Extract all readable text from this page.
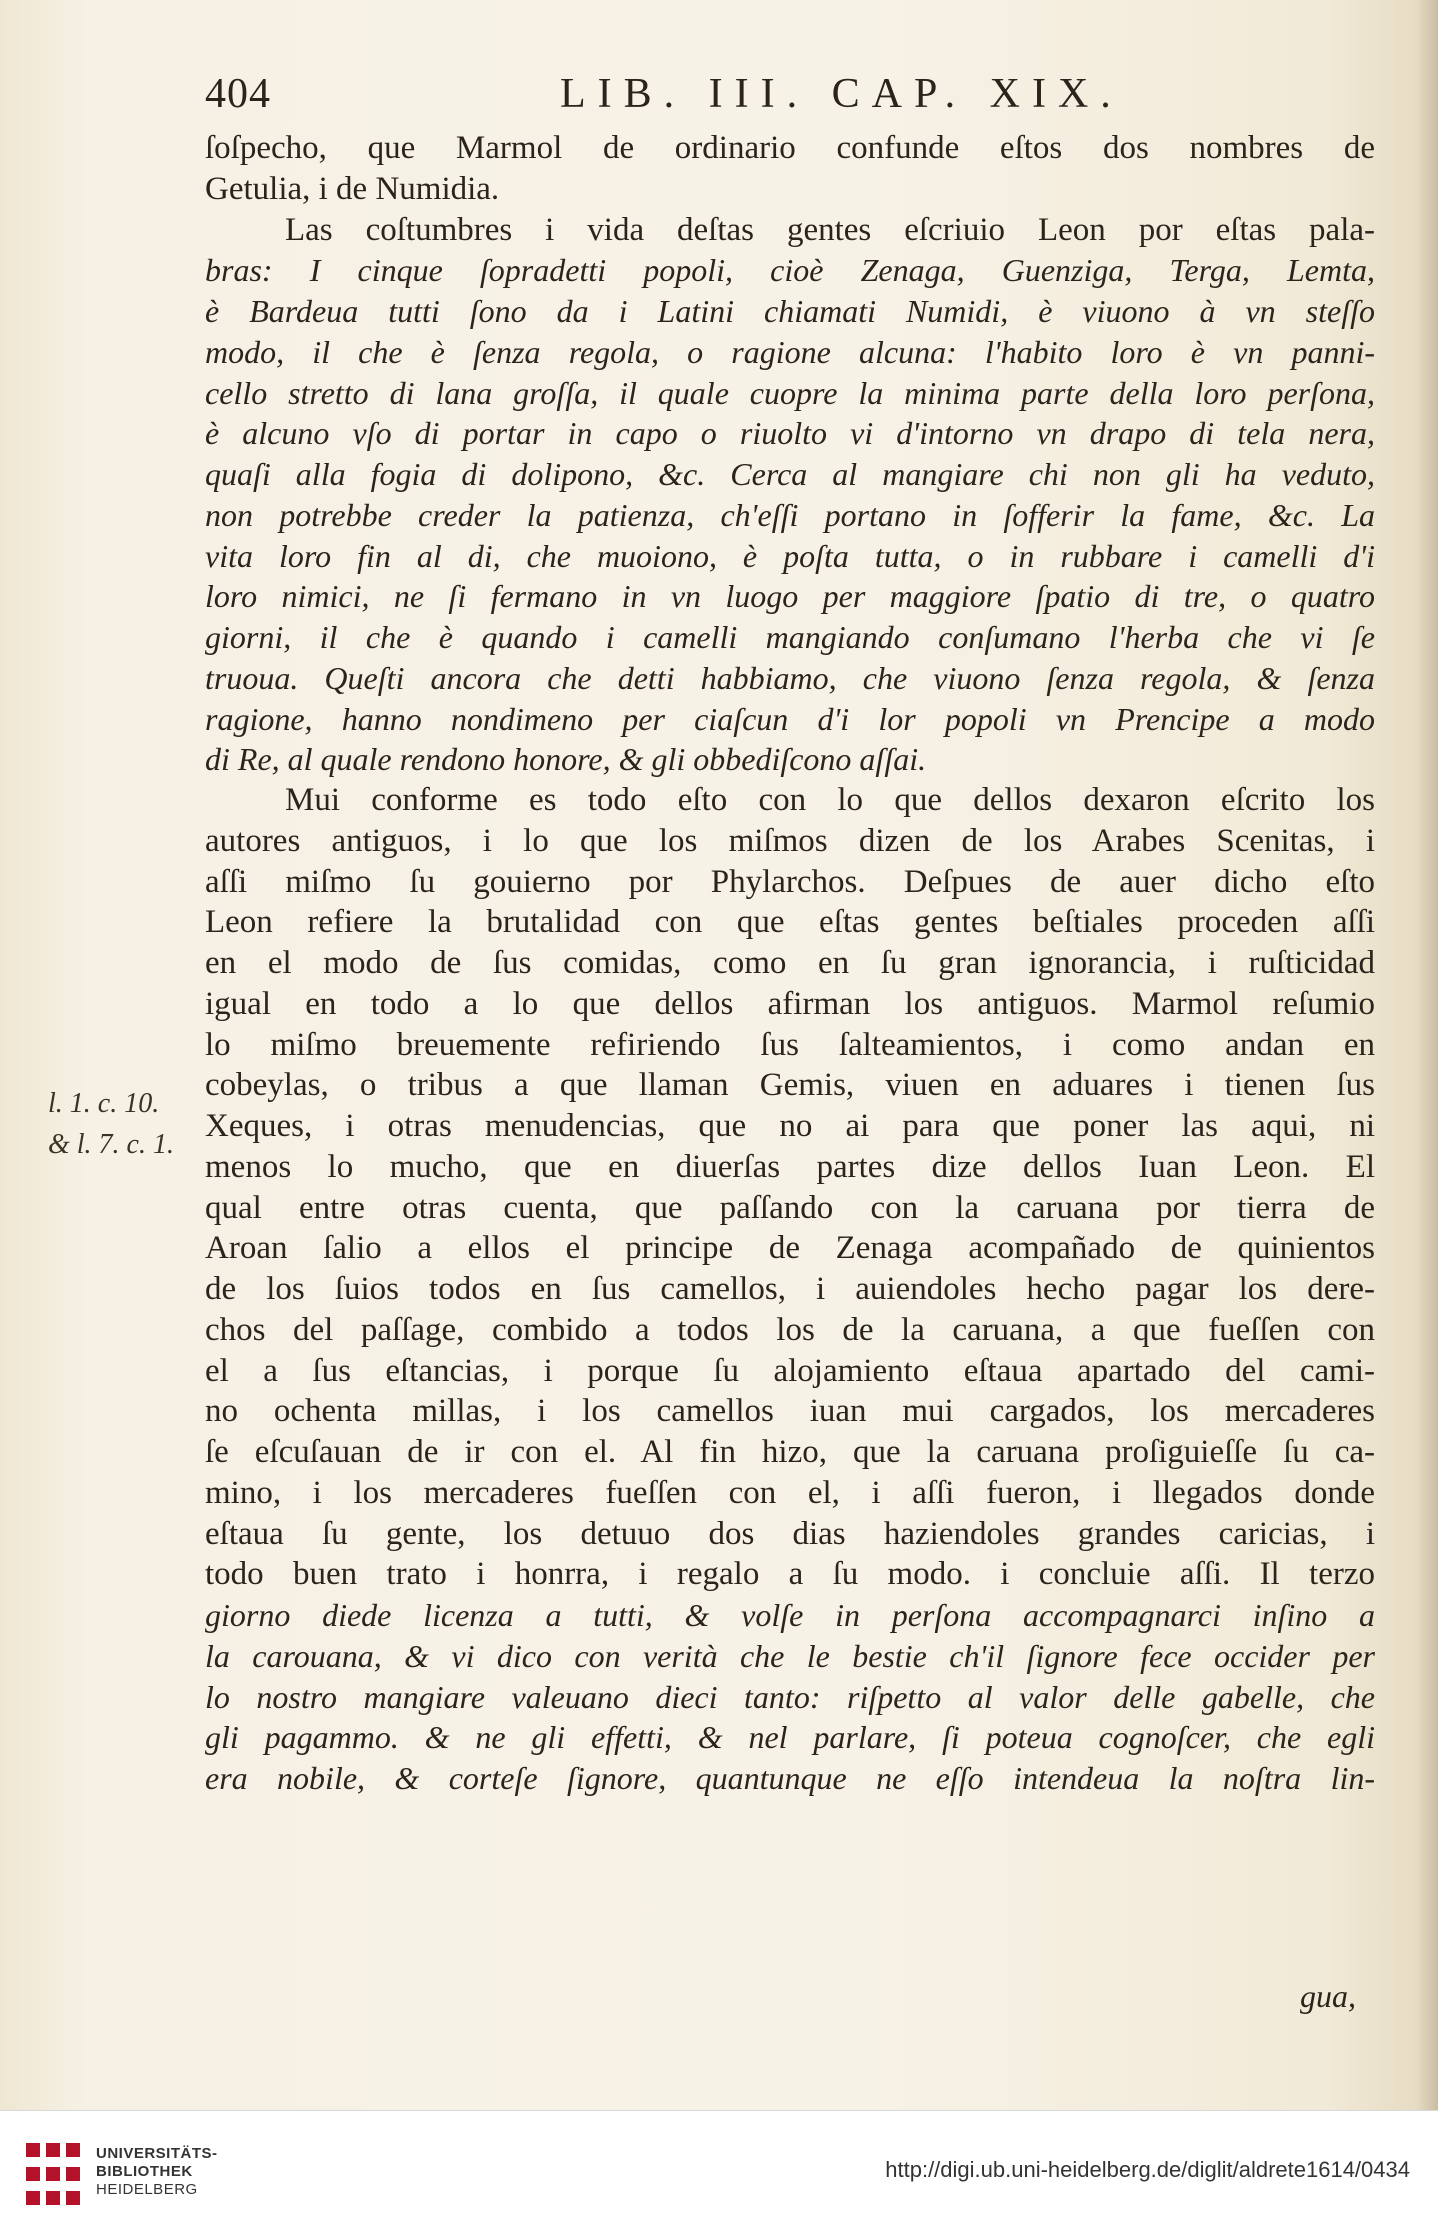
404	LIB. III. CAP. XIX.
ſoſpecho, que Marmol de ordinario confunde eſtos dos nombres de
Getulia, i de Numidia.
Las coſtumbres i vida deſtas gentes eſcriuio Leon por eſtas pala-
bras: I cinque ſopradetti popoli, cioè Zenaga, Guenziga, Terga, Lemta,
è Bardeua tutti ſono da i Latini chiamati Numidi, è viuono à vn steſſo
modo, il che è ſenza regola, o ragione alcuna: l'habito loro è vn panni-
cello stretto di lana groſſa, il quale cuopre la minima parte della loro perſona,
è alcuno vſo di portar in capo o riuolto vi d'intorno vn drapo di tela nera,
quaſi alla fogia di dolipono, &c. Cerca al mangiare chi non gli ha veduto,
non potrebbe creder la patienza, ch'eſſi portano in ſofferir la fame, &c. La
vita loro fin al di, che muoiono, è poſta tutta, o in rubbare i camelli d'i
loro nimici, ne ſi fermano in vn luogo per maggiore ſpatio di tre, o quatro
giorni, il che è quando i camelli mangiando conſumano l'herba che vi ſe
truoua. Queſti ancora che detti habbiamo, che viuono ſenza regola, & ſenza
ragione, hanno nondimeno per ciaſcun d'i lor popoli vn Prencipe a modo
di Re, al quale rendono honore, & gli obbediſcono aſſai.
Mui conforme es todo eſto con lo que dellos dexaron eſcrito los
autores antiguos, i lo que los miſmos dizen de los Arabes Scenitas, i
aſſi miſmo ſu gouierno por Phylarchos. Deſpues de auer dicho eſto
Leon refiere la brutalidad con que eſtas gentes beſtiales proceden aſſi
en el modo de ſus comidas, como en ſu gran ignorancia, i ruſticidad
igual en todo a lo que dellos afirman los antiguos. Marmol reſumio
lo miſmo breuemente refiriendo ſus ſalteamientos, i como andan en
cobeylas, o tribus a que llaman Gemis, viuen en aduares i tienen ſus
Xeques, i otras menudencias, que no ai para que poner las aqui, ni
menos lo mucho, que en diuerſas partes dize dellos Iuan Leon. El
qual entre otras cuenta, que paſſando con la caruana por tierra de
Aroan ſalio a ellos el principe de Zenaga acompañado de quinientos
de los ſuios todos en ſus camellos, i auiendoles hecho pagar los dere-
chos del paſſage, combido a todos los de la caruana, a que fueſſen con
el a ſus eſtancias, i porque ſu alojamiento eſtaua apartado del cami-
no ochenta millas, i los camellos iuan mui cargados, los mercaderes
ſe eſcuſauan de ir con el. Al fin hizo, que la caruana proſiguieſſe ſu ca-
mino, i los mercaderes fueſſen con el, i aſſi fueron, i llegados donde
eſtaua ſu gente, los detuuo dos dias haziendoles grandes caricias, i
todo buen trato i honrra, i regalo a ſu modo. i concluie aſſi. Il terzo
giorno diede licenza a tutti, & volſe in perſona accompagnarci inſino a
la carouana, & vi dico con verità che le bestie ch'il ſignore fece occider per
lo nostro mangiare valeuano dieci tanto: riſpetto al valor delle gabelle, che
gli pagammo. & ne gli effetti, & nel parlare, ſi poteua cognoſcer, che egli
era nobile, & corteſe ſignore, quantunque ne eſſo intendeua la noſtra lin-
l. 1. c. 10.
& l. 7. c. 1.
gua,
UNIVERSITÄTS-
BIBLIOTHEK
HEIDELBERG
http://digi.ub.uni-heidelberg.de/diglit/aldrete1614/0434
